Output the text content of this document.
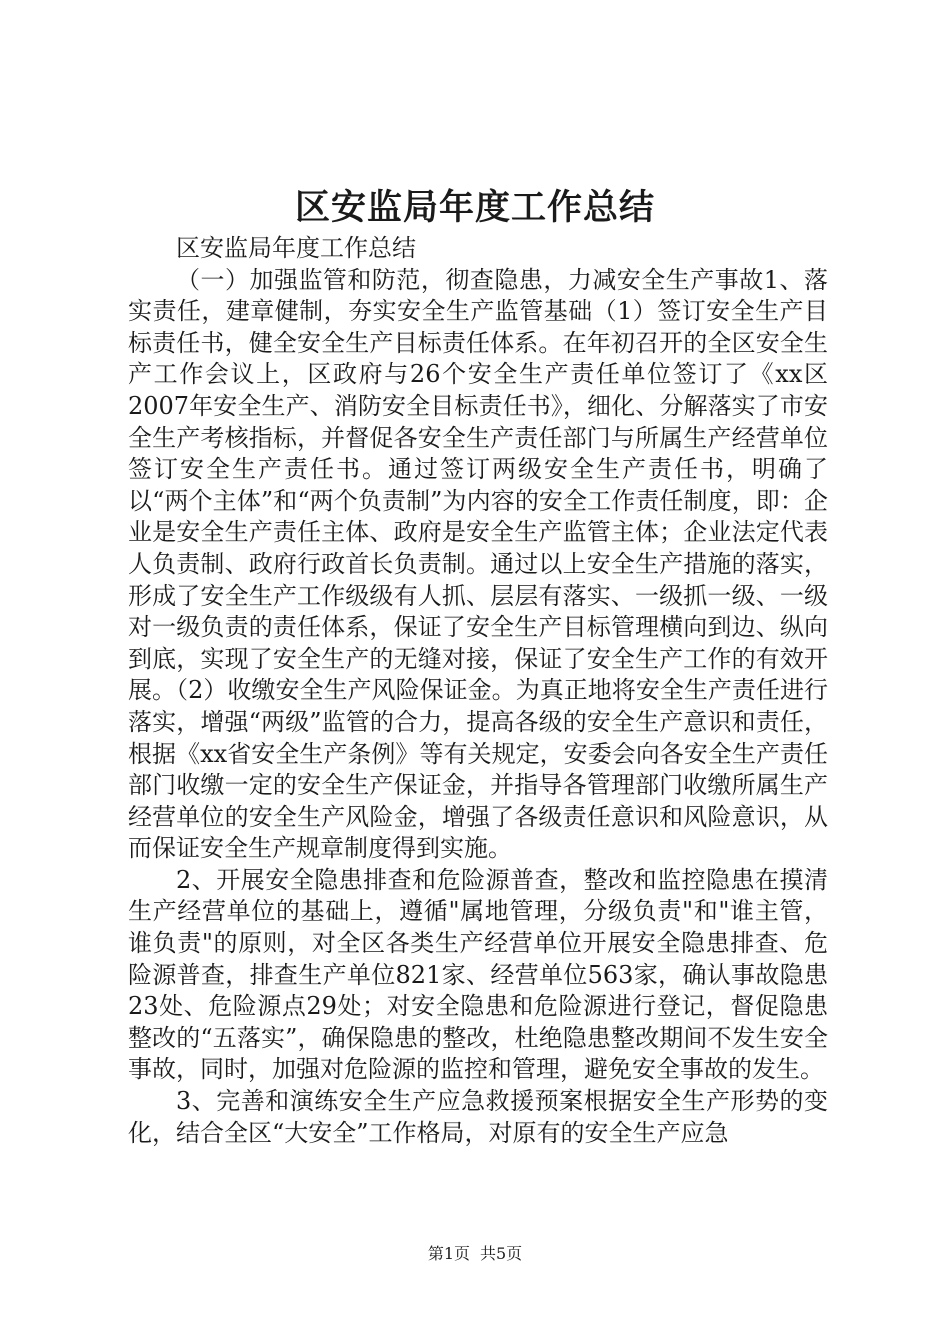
区安监局年度工作总结

区安监局年度工作总结

（一）加强监管和防范，彻查隐患，力减安全生产事故1、落实责任，建章健制，夯实安全生产监管基础（1）签订安全生产目标责任书，健全安全生产目标责任体系。在年初召开的全区安全生产工作会议上，区政府与26个安全生产责任单位签订了《xx区2007年安全生产、消防安全目标责任书》，细化、分解落实了市安全生产考核指标，并督促各安全生产责任部门与所属生产经营单位签订安全生产责任书。通过签订两级安全生产责任书，明确了以“两个主体”和“两个负责制”为内容的安全工作责任制度，即：企业是安全生产责任主体、政府是安全生产监管主体；企业法定代表人负责制、政府行政首长负责制。通过以上安全生产措施的落实，形成了安全生产工作级级有人抓、层层有落实、一级抓一级、一级对一级负责的责任体系，保证了安全生产目标管理横向到边、纵向到底，实现了安全生产的无缝对接，保证了安全生产工作的有效开展。（2）收缴安全生产风险保证金。为真正地将安全生产责任进行落实，增强“两级”监管的合力，提高各级的安全生产意识和责任，根据《xx省安全生产条例》等有关规定，安委会向各安全生产责任部门收缴一定的安全生产保证金，并指导各管理部门收缴所属生产经营单位的安全生产风险金，增强了各级责任意识和风险意识，从而保证安全生产规章制度得到实施。

2、开展安全隐患排查和危险源普查，整改和监控隐患在摸清生产经营单位的基础上，遵循"属地管理，分级负责"和"谁主管，谁负责"的原则，对全区各类生产经营单位开展安全隐患排查、危险源普查，排查生产单位821家、经营单位563家，确认事故隐患23处、危险源点29处；对安全隐患和危险源进行登记，督促隐患整改的“五落实”，确保隐患的整改，杜绝隐患整改期间不发生安全事故，同时，加强对危险源的监控和管理，避免安全事故的发生。

3、完善和演练安全生产应急救援预案根据安全生产形势的变化，结合全区“大安全”工作格局，对原有的安全生产应急

第1页 共5页
